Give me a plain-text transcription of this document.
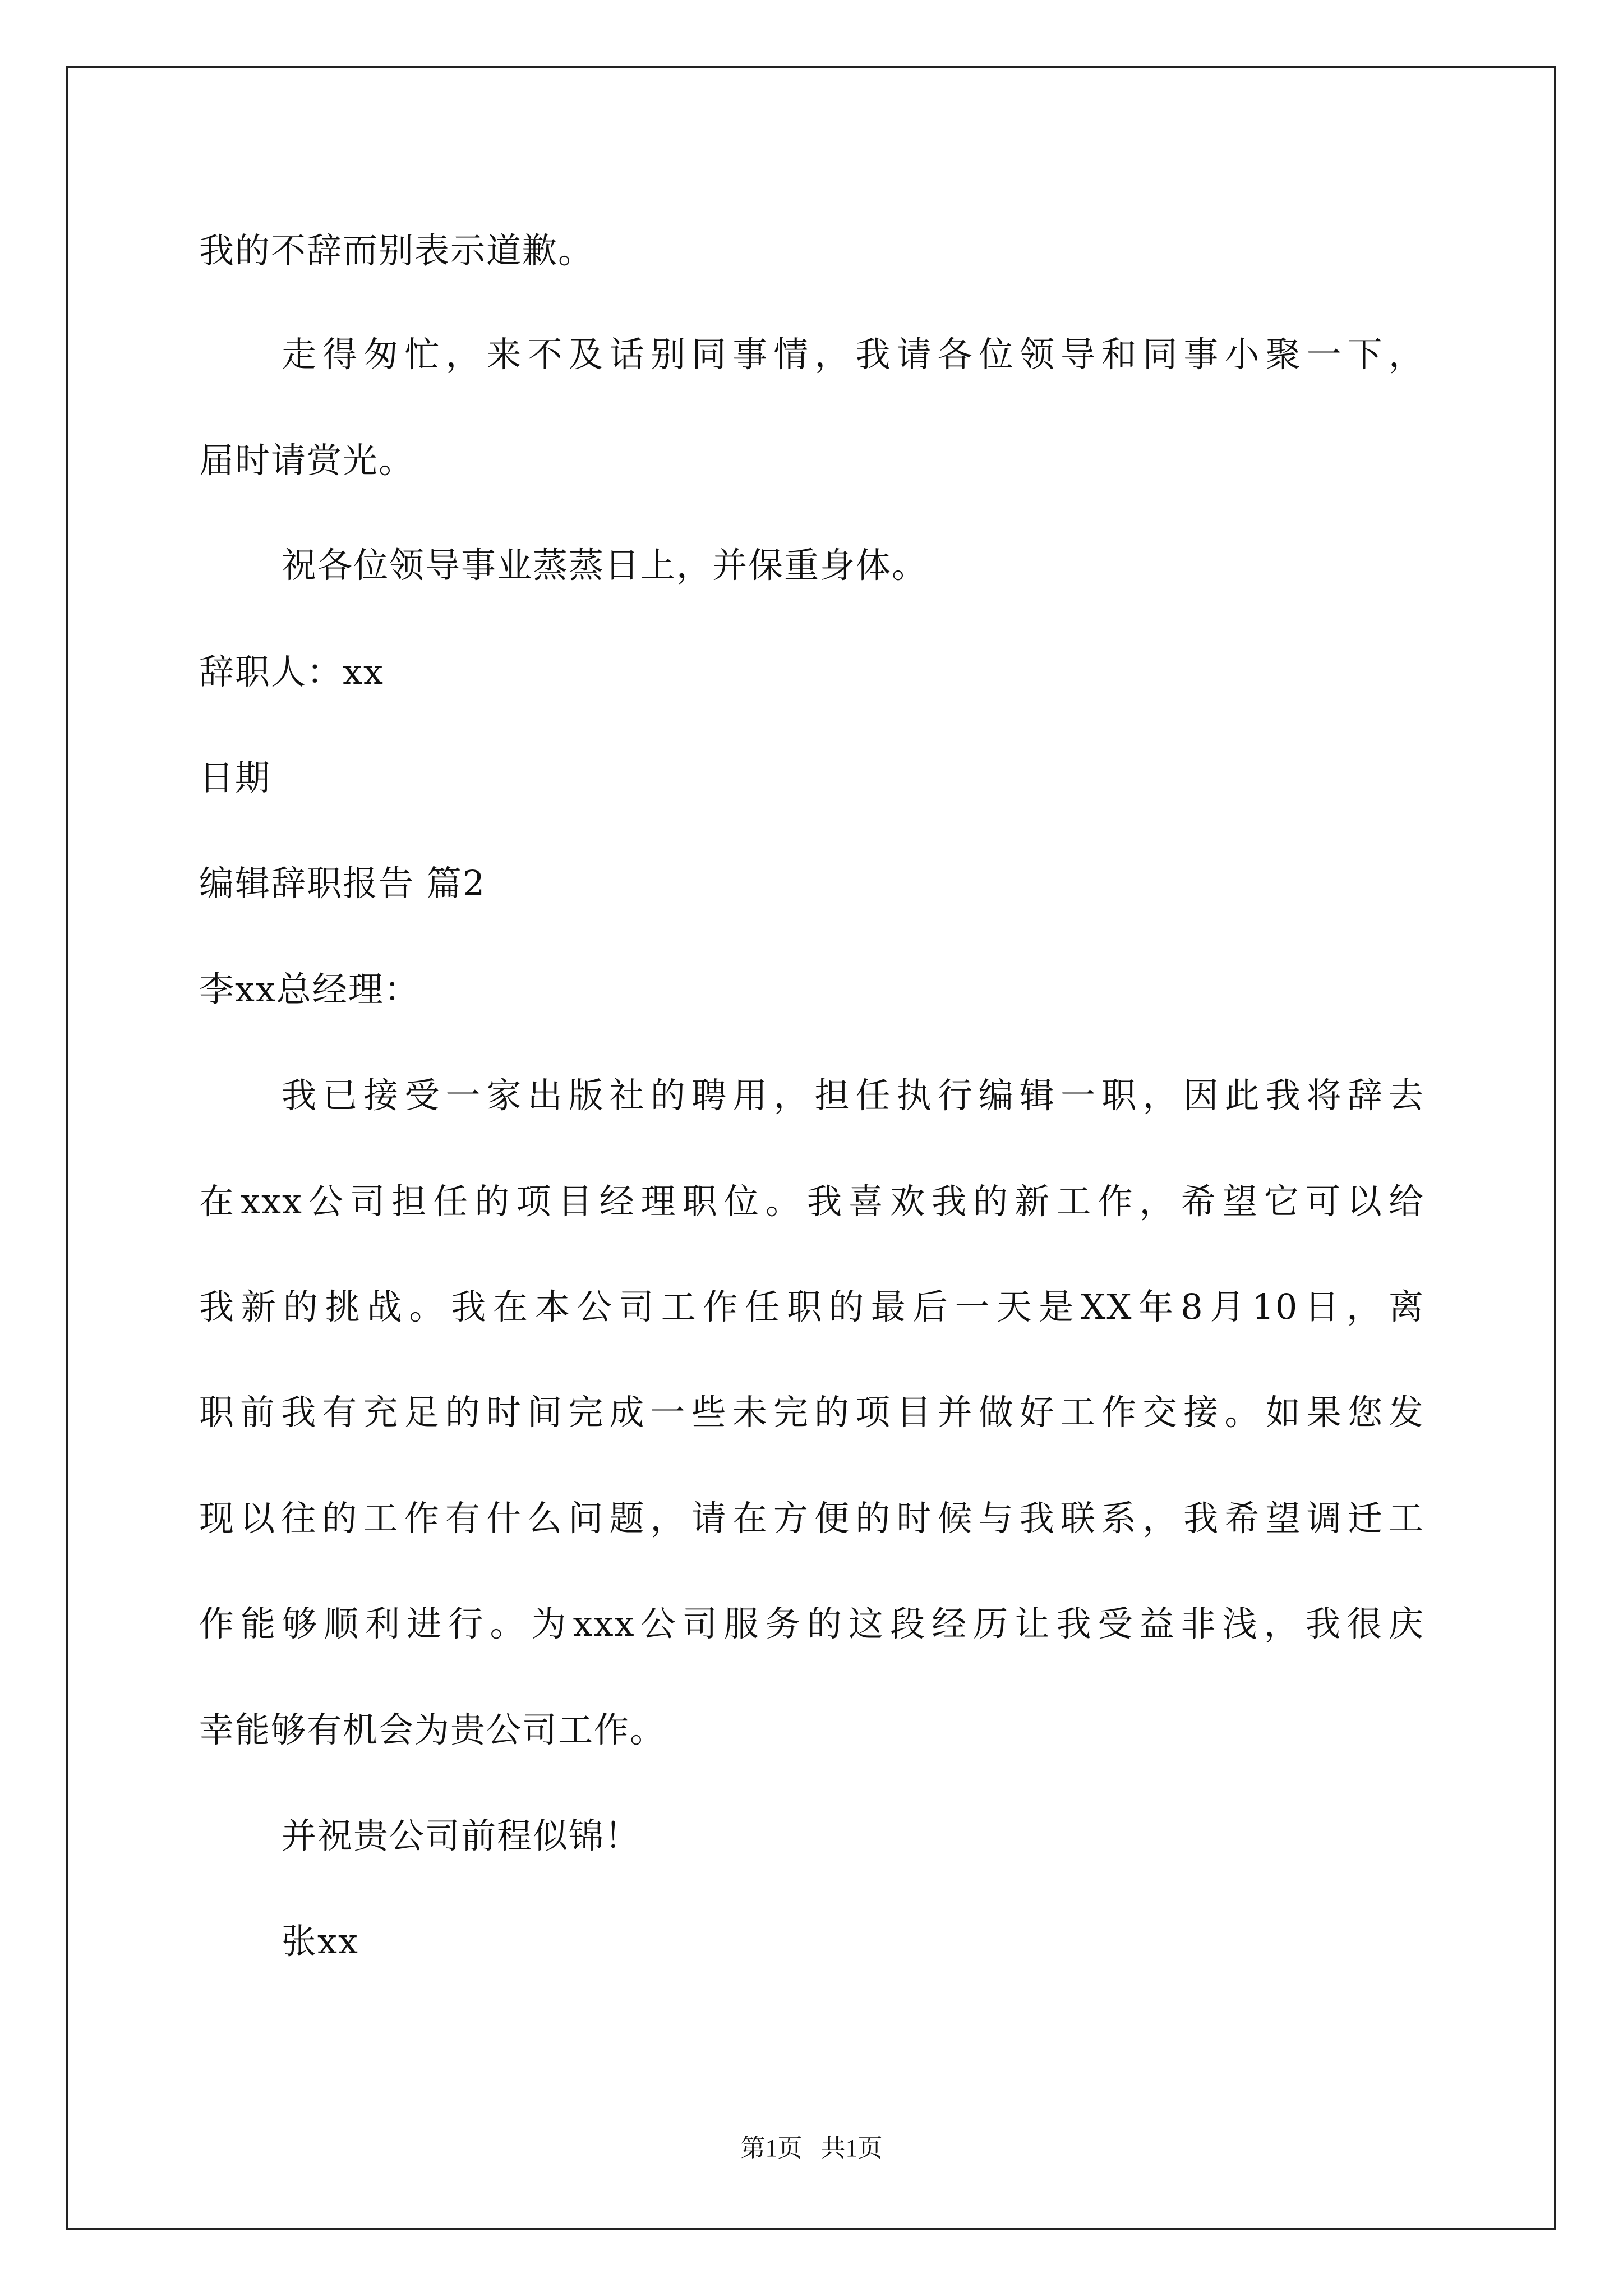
我的不辞而别表示道歉。
走得匆忙，来不及话别同事情，我请各位领导和同事小聚一下，
届时请赏光。
祝各位领导事业蒸蒸日上，并保重身体。
辞职人：xx
日期
编辑辞职报告 篇2
李xx总经理：
我已接受一家出版社的聘用，担任执行编辑一职，因此我将辞去
在xxx公司担任的项目经理职位。我喜欢我的新工作，希望它可以给
我新的挑战。我在本公司工作任职的最后一天是XX年8月10日，离
职前我有充足的时间完成一些未完的项目并做好工作交接。如果您发
现以往的工作有什么问题，请在方便的时候与我联系，我希望调迁工
作能够顺利进行。为xxx公司服务的这段经历让我受益非浅，我很庆
幸能够有机会为贵公司工作。
并祝贵公司前程似锦！
张xx
第1页   共1页
